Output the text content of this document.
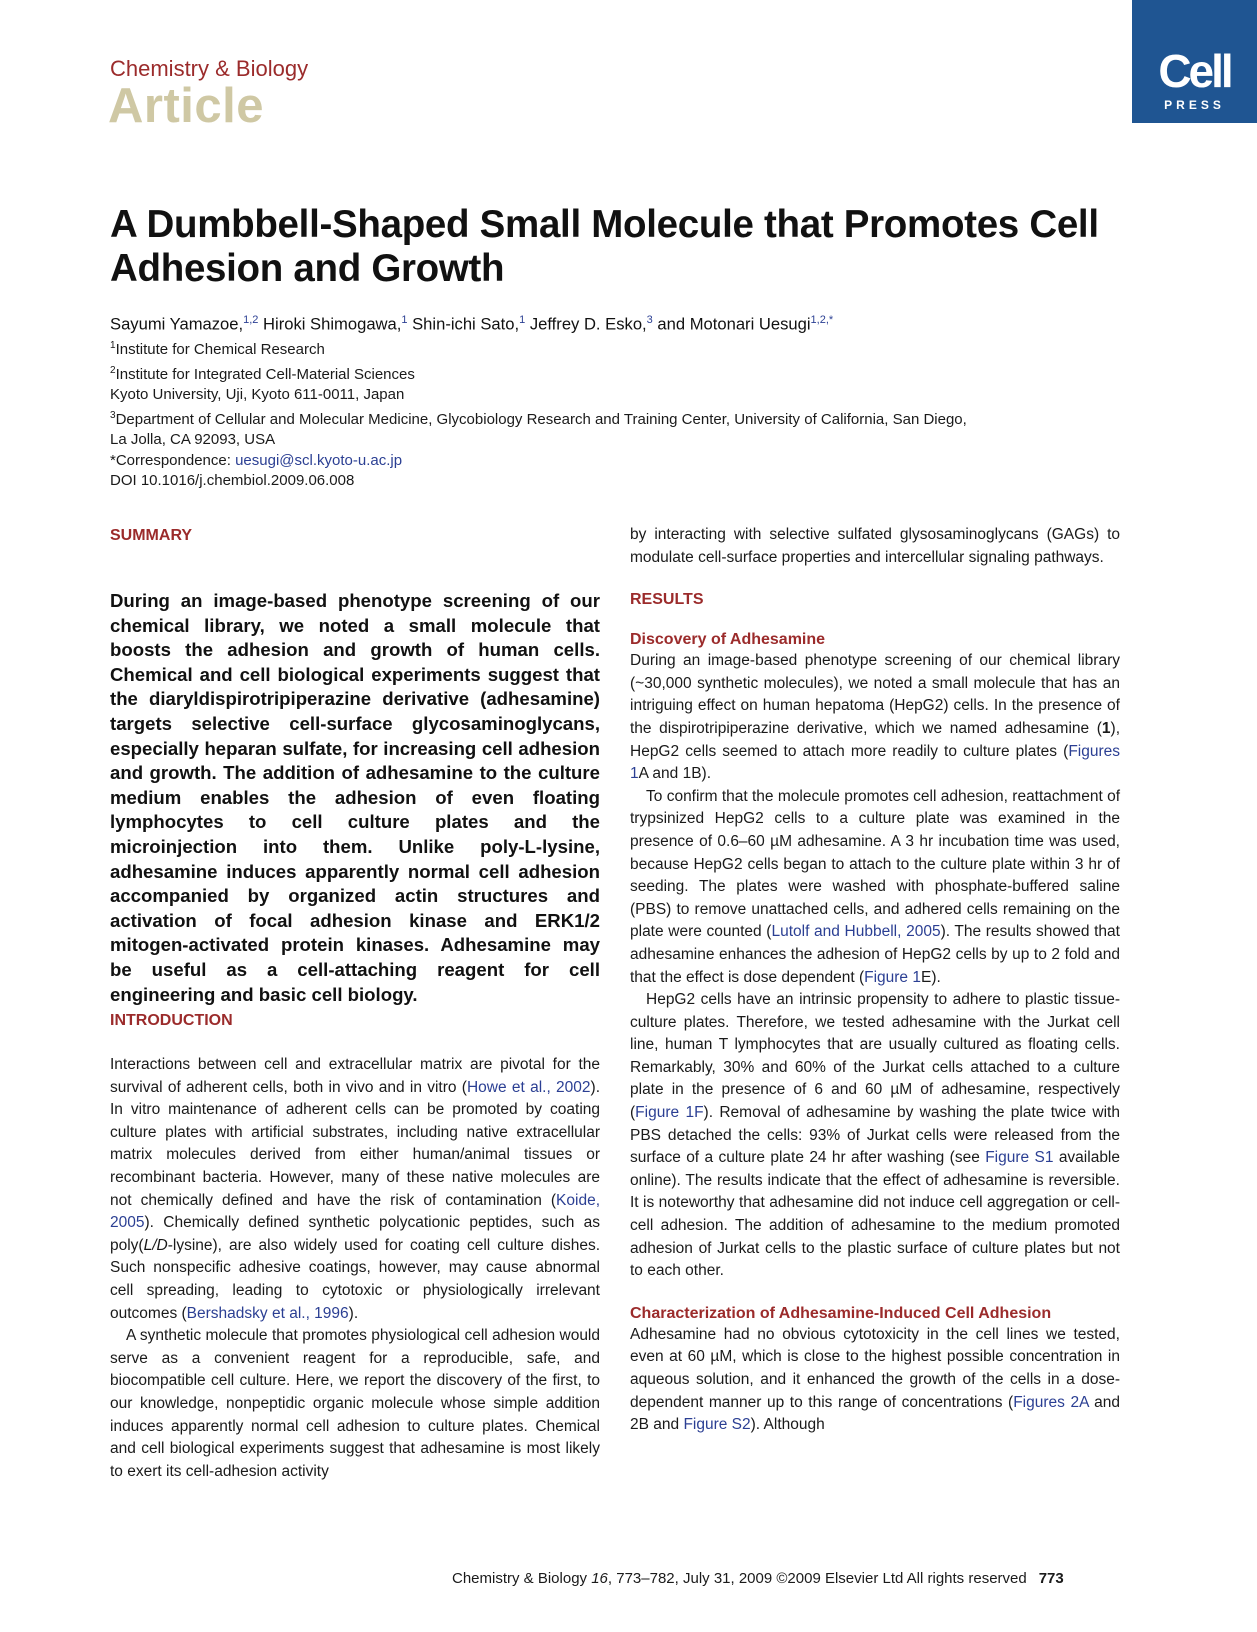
Chemistry & Biology
Article
Cell
PRESS
A Dumbbell-Shaped Small Molecule that Promotes Cell Adhesion and Growth
Sayumi Yamazoe,$^{1,2}$ Hiroki Shimogawa,$^1$ Shin-ichi Sato,$^1$ Jeffrey D. Esko,$^3$ and Motonari Uesugi$^{1,2,*}$
$^1$Institute for Chemical Research
$^2$Institute for Integrated Cell-Material Sciences
Kyoto University, Uji, Kyoto 611-0011, Japan
$^3$Department of Cellular and Molecular Medicine, Glycobiology Research and Training Center, University of California, San Diego,
La Jolla, CA 92093, USA
*Correspondence: uesugi@scl.kyoto-u.ac.jp
DOI 10.1016/j.chembiol.2009.06.008
SUMMARY
During an image-based phenotype screening of our chemical library, we noted a small molecule that boosts the adhesion and growth of human cells. Chemical and cell biological experiments suggest that the diaryldispirotripiperazine derivative (adhesamine) targets selective cell-surface glycosaminoglycans, especially heparan sulfate, for increasing cell adhesion and growth. The addition of adhesamine to the culture medium enables the adhesion of even floating lymphocytes to cell culture plates and the microinjection into them. Unlike poly-L-lysine, adhesamine induces apparently normal cell adhesion accompanied by organized actin structures and activation of focal adhesion kinase and ERK1/2 mitogen-activated protein kinases. Adhesamine may be useful as a cell-attaching reagent for cell engineering and basic cell biology.
INTRODUCTION

Interactions between cell and extracellular matrix are pivotal for the survival of adherent cells, both in vivo and in vitro (Howe et al., 2002). In vitro maintenance of adherent cells can be promoted by coating culture plates with artificial substrates, including native extracellular matrix molecules derived from either human/animal tissues or recombinant bacteria. However, many of these native molecules are not chemically defined and have the risk of contamination (Koide, 2005). Chemically defined synthetic polycationic peptides, such as poly(L/D-lysine), are also widely used for coating cell culture dishes. Such nonspecific adhesive coatings, however, may cause abnormal cell spreading, leading to cytotoxic or physiologically irrelevant outcomes (Bershadsky et al., 1996).

A synthetic molecule that promotes physiological cell adhesion would serve as a convenient reagent for a reproducible, safe, and biocompatible cell culture. Here, we report the discovery of the first, to our knowledge, nonpeptidic organic molecule whose simple addition induces apparently normal cell adhesion to culture plates. Chemical and cell biological experiments suggest that adhesamine is most likely to exert its cell-adhesion activity

by interacting with selective sulfated glysosaminoglycans (GAGs) to modulate cell-surface properties and intercellular signaling pathways.

RESULTS
Discovery of Adhesamine

During an image-based phenotype screening of our chemical library (~30,000 synthetic molecules), we noted a small molecule that has an intriguing effect on human hepatoma (HepG2) cells. In the presence of the dispirotripiperazine derivative, which we named adhesamine (1), HepG2 cells seemed to attach more readily to culture plates (Figures 1A and 1B).

To confirm that the molecule promotes cell adhesion, reattachment of trypsinized HepG2 cells to a culture plate was examined in the presence of 0.6–60 µM adhesamine. A 3 hr incubation time was used, because HepG2 cells began to attach to the culture plate within 3 hr of seeding. The plates were washed with phosphate-buffered saline (PBS) to remove unattached cells, and adhered cells remaining on the plate were counted (Lutolf and Hubbell, 2005). The results showed that adhesamine enhances the adhesion of HepG2 cells by up to 2 fold and that the effect is dose dependent (Figure 1E).

HepG2 cells have an intrinsic propensity to adhere to plastic tissue-culture plates. Therefore, we tested adhesamine with the Jurkat cell line, human T lymphocytes that are usually cultured as floating cells. Remarkably, 30% and 60% of the Jurkat cells attached to a culture plate in the presence of 6 and 60 µM of adhesamine, respectively (Figure 1F). Removal of adhesamine by washing the plate twice with PBS detached the cells: 93% of Jurkat cells were released from the surface of a culture plate 24 hr after washing (see Figure S1 available online). The results indicate that the effect of adhesamine is reversible. It is noteworthy that adhesamine did not induce cell aggregation or cell-cell adhesion. The addition of adhesamine to the medium promoted adhesion of Jurkat cells to the plastic surface of culture plates but not to each other.

Characterization of Adhesamine-Induced Cell Adhesion

Adhesamine had no obvious cytotoxicity in the cell lines we tested, even at 60 µM, which is close to the highest possible concentration in aqueous solution, and it enhanced the growth of the cells in a dose-dependent manner up to this range of concentrations (Figures 2A and 2B and Figure S2). Although

Chemistry & Biology 16, 773–782, July 31, 2009 ©2009 Elsevier Ltd All rights reserved 773
